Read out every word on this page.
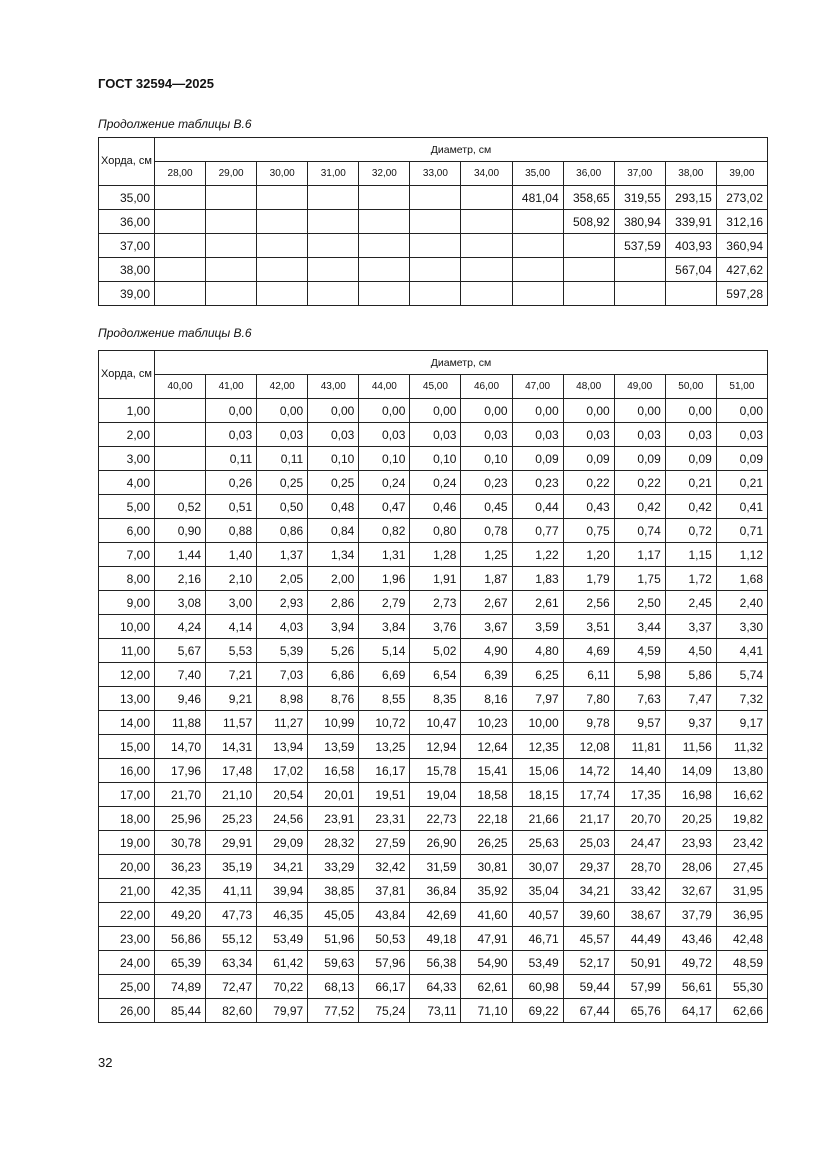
ГОСТ 32594—2025
Продолжение таблицы В.6
Хорда, см	Диаметр, см											
	28,00	29,00	30,00	31,00	32,00	33,00	34,00	35,00	36,00	37,00	38,00	39,00
35,00								481,04	358,65	319,55	293,15	273,02
36,00									508,92	380,94	339,91	312,16
37,00										537,59	403,93	360,94
38,00											567,04	427,62
39,00												597,28
Продолжение таблицы В.6
Хорда, см	Диаметр, см											
	40,00	41,00	42,00	43,00	44,00	45,00	46,00	47,00	48,00	49,00	50,00	51,00
1,00		0,00	0,00	0,00	0,00	0,00	0,00	0,00	0,00	0,00	0,00	0,00
2,00		0,03	0,03	0,03	0,03	0,03	0,03	0,03	0,03	0,03	0,03	0,03
3,00		0,11	0,11	0,10	0,10	0,10	0,10	0,09	0,09	0,09	0,09	0,09
4,00		0,26	0,25	0,25	0,24	0,24	0,23	0,23	0,22	0,22	0,21	0,21
5,00	0,52	0,51	0,50	0,48	0,47	0,46	0,45	0,44	0,43	0,42	0,42	0,41
6,00	0,90	0,88	0,86	0,84	0,82	0,80	0,78	0,77	0,75	0,74	0,72	0,71
7,00	1,44	1,40	1,37	1,34	1,31	1,28	1,25	1,22	1,20	1,17	1,15	1,12
8,00	2,16	2,10	2,05	2,00	1,96	1,91	1,87	1,83	1,79	1,75	1,72	1,68
9,00	3,08	3,00	2,93	2,86	2,79	2,73	2,67	2,61	2,56	2,50	2,45	2,40
10,00	4,24	4,14	4,03	3,94	3,84	3,76	3,67	3,59	3,51	3,44	3,37	3,30
11,00	5,67	5,53	5,39	5,26	5,14	5,02	4,90	4,80	4,69	4,59	4,50	4,41
12,00	7,40	7,21	7,03	6,86	6,69	6,54	6,39	6,25	6,11	5,98	5,86	5,74
13,00	9,46	9,21	8,98	8,76	8,55	8,35	8,16	7,97	7,80	7,63	7,47	7,32
14,00	11,88	11,57	11,27	10,99	10,72	10,47	10,23	10,00	9,78	9,57	9,37	9,17
15,00	14,70	14,31	13,94	13,59	13,25	12,94	12,64	12,35	12,08	11,81	11,56	11,32
16,00	17,96	17,48	17,02	16,58	16,17	15,78	15,41	15,06	14,72	14,40	14,09	13,80
17,00	21,70	21,10	20,54	20,01	19,51	19,04	18,58	18,15	17,74	17,35	16,98	16,62
18,00	25,96	25,23	24,56	23,91	23,31	22,73	22,18	21,66	21,17	20,70	20,25	19,82
19,00	30,78	29,91	29,09	28,32	27,59	26,90	26,25	25,63	25,03	24,47	23,93	23,42
20,00	36,23	35,19	34,21	33,29	32,42	31,59	30,81	30,07	29,37	28,70	28,06	27,45
21,00	42,35	41,11	39,94	38,85	37,81	36,84	35,92	35,04	34,21	33,42	32,67	31,95
22,00	49,20	47,73	46,35	45,05	43,84	42,69	41,60	40,57	39,60	38,67	37,79	36,95
23,00	56,86	55,12	53,49	51,96	50,53	49,18	47,91	46,71	45,57	44,49	43,46	42,48
24,00	65,39	63,34	61,42	59,63	57,96	56,38	54,90	53,49	52,17	50,91	49,72	48,59
25,00	74,89	72,47	70,22	68,13	66,17	64,33	62,61	60,98	59,44	57,99	56,61	55,30
26,00	85,44	82,60	79,97	77,52	75,24	73,11	71,10	69,22	67,44	65,76	64,17	62,66
32
